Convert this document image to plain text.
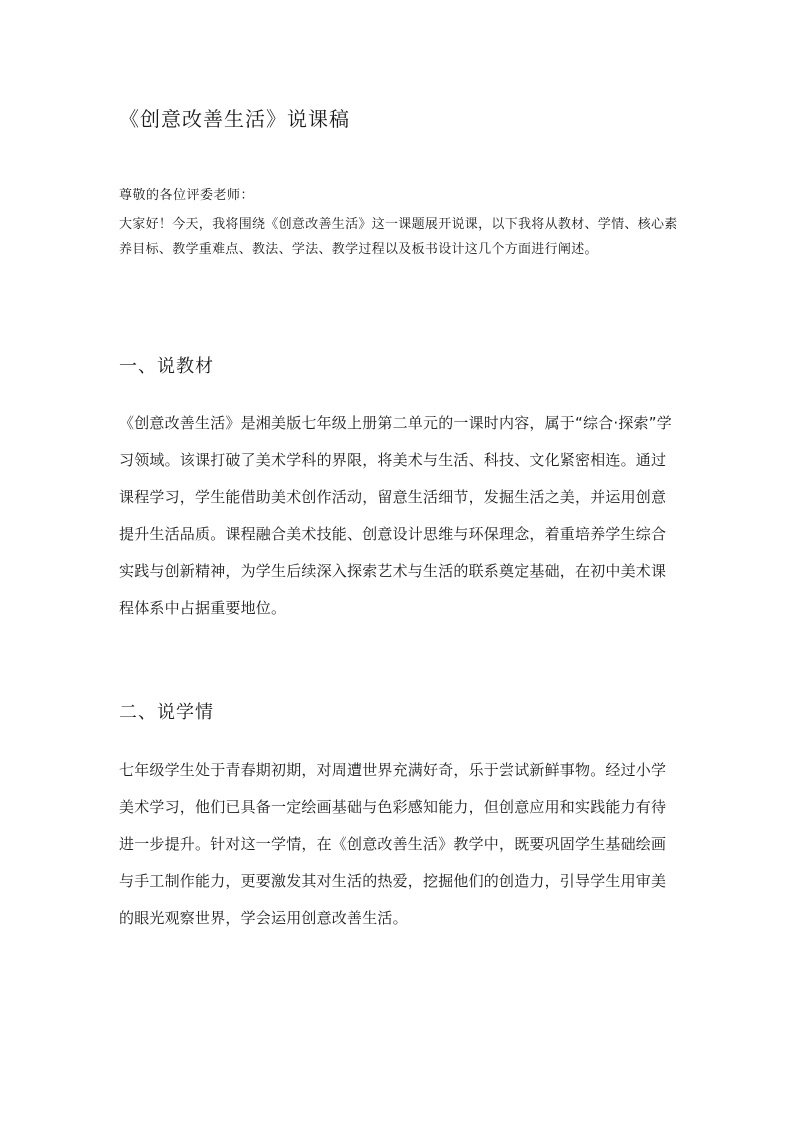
《创意改善生活》说课稿

尊敬的各位评委老师：

大家好！今天，我将围绕《创意改善生活》这一课题展开说课，以下我将从教材、学情、核心素养目标、教学重难点、教法、学法、教学过程以及板书设计这几个方面进行阐述。

一、说教材

《创意改善生活》是湘美版七年级上册第二单元的一课时内容，属于“综合·探索”学习领域。该课打破了美术学科的界限，将美术与生活、科技、文化紧密相连。通过课程学习，学生能借助美术创作活动，留意生活细节，发掘生活之美，并运用创意提升生活品质。课程融合美术技能、创意设计思维与环保理念，着重培养学生综合实践与创新精神，为学生后续深入探索艺术与生活的联系奠定基础，在初中美术课程体系中占据重要地位。

二、说学情

七年级学生处于青春期初期，对周遭世界充满好奇，乐于尝试新鲜事物。经过小学美术学习，他们已具备一定绘画基础与色彩感知能力，但创意应用和实践能力有待进一步提升。针对这一学情，在《创意改善生活》教学中，既要巩固学生基础绘画与手工制作能力，更要激发其对生活的热爱，挖掘他们的创造力，引导学生用审美的眼光观察世界，学会运用创意改善生活。
